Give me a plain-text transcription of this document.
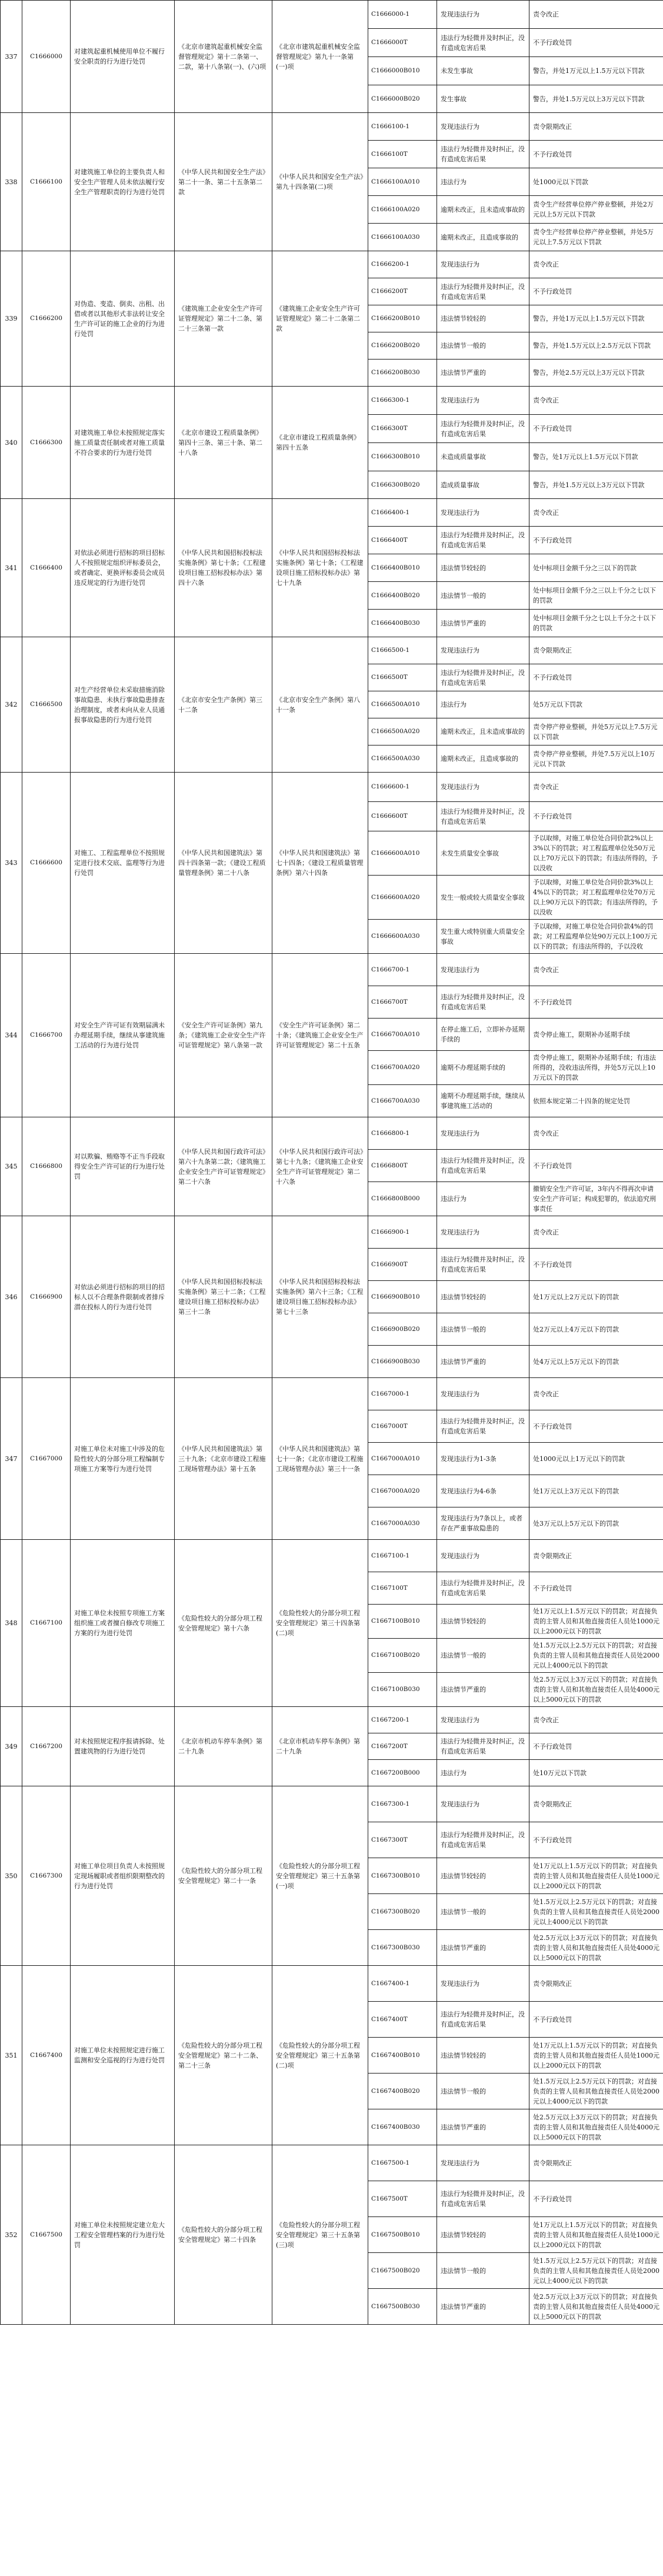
337	C1666000	对建筑起重机械使用单位不履行安全职责的行为进行处罚	《北京市建筑起重机械安全监督管理规定》第十二条第一、二款，第十八条第(一)、(六)项	《北京市建筑起重机械安全监督管理规定》第九十一条第(一)项	C1666000-1	发现违法行为	责令改正
					C1666000T	违法行为轻微并及时纠正，没有造成危害后果	不予行政处罚
					C1666000B010	未发生事故	警告，并处1万元以上1.5万元以下罚款
					C1666000B020	发生事故	警告，并处1.5万元以上3万元以下罚款
338	C1666100	对建筑施工单位的主要负责人和安全生产管理人员未依法履行安全生产管理职责的行为进行处罚	《中华人民共和国安全生产法》第二十一条、第二十五条第二款	《中华人民共和国安全生产法》第九十四条第(二)项	C1666100-1	发现违法行为	责令限期改正
					C1666100T	违法行为轻微并及时纠正，没有造成危害后果	不予行政处罚
					C1666100A010	违法行为	处1000元以下罚款
					C1666100A020	逾期未改正，且未造成事故的	责令生产经营单位停产停业整顿，并处2万元以上5万元以下罚款
					C1666100A030	逾期未改正，且造成事故的	责令生产经营单位停产停业整顿，并处5万元以上7.5万元以下罚款
339	C1666200	对伪造、变造、倒卖、出租、出借或者以其他形式非法转让安全生产许可证的施工企业的行为进行处罚	《建筑施工企业安全生产许可证管理规定》第二十二条、第二十三条第一款	《建筑施工企业安全生产许可证管理规定》第二十二条第二款	C1666200-1	发现违法行为	责令改正
					C1666200T	违法行为轻微并及时纠正，没有造成危害后果	不予行政处罚
					C1666200B010	违法情节较轻的	警告，并处1万元以上1.5万元以下罚款
					C1666200B020	违法情节一般的	警告，并处1.5万元以上2.5万元以下罚款
					C1666200B030	违法情节严重的	警告，并处2.5万元以上3万元以下罚款
340	C1666300	对建筑施工单位未按照规定落实施工质量责任制或者对施工质量不符合要求的行为进行处罚	《北京市建设工程质量条例》第四十三条、第三十条、第二十八条	《北京市建设工程质量条例》第四十五条	C1666300-1	发现违法行为	责令改正
					C1666300T	违法行为轻微并及时纠正，没有造成危害后果	不予行政处罚
					C1666300B010	未造成质量事故	警告，处1万元以上1.5万元以下罚款
					C1666300B020	造成质量事故	警告，并处1.5万元以上3万元以下罚款
341	C1666400	对依法必须进行招标的项目招标人不按照规定组织评标委员会，或者确定、更换评标委员会成员违反规定的行为进行处罚	《中华人民共和国招标投标法实施条例》第七十条；《工程建设项目施工招标投标办法》第四十六条	《中华人民共和国招标投标法实施条例》第七十条；《工程建设项目施工招标投标办法》第七十九条	C1666400-1	发现违法行为	责令改正
					C1666400T	违法行为轻微并及时纠正，没有造成危害后果	不予行政处罚
					C1666400B010	违法情节较轻的	处中标项目金额千分之三以下的罚款
					C1666400B020	违法情节一般的	处中标项目金额千分之三以上千分之七以下的罚款
					C1666400B030	违法情节严重的	处中标项目金额千分之七以上千分之十以下的罚款
342	C1666500	对生产经营单位未采取措施消除事故隐患、未执行事故隐患排查治理制度，或者未向从业人员通报事故隐患的行为进行处罚	《北京市安全生产条例》第三十二条	《北京市安全生产条例》第八十一条	C1666500-1	发现违法行为	责令限期改正
					C1666500T	违法行为轻微并及时纠正，没有造成危害后果	不予行政处罚
					C1666500A010	违法行为	处5万元以下罚款
					C1666500A020	逾期未改正，且未造成事故的	责令停产停业整顿，并处5万元以上7.5万元以下罚款
					C1666500A030	逾期未改正，且造成事故的	责令停产停业整顿，并处7.5万元以上10万元以下罚款
343	C1666600	对施工、工程监理单位不按照规定进行技术交底、监理等行为进行处罚	《中华人民共和国建筑法》第四十四条第一款；《建设工程质量管理条例》第二十八条	《中华人民共和国建筑法》第七十四条；《建设工程质量管理条例》第六十四条	C1666600-1	发现违法行为	责令改正
					C1666600T	违法行为轻微并及时纠正，没有造成危害后果	不予行政处罚
					C1666600A010	未发生质量安全事故	予以取缔，对施工单位处合同价款2%以上3%以下的罚款；对工程监理单位处50万元以上70万元以下的罚款；有违法所得的，予以没收
					C1666600A020	发生一般或较大质量安全事故	予以取缔，对施工单位处合同价款3%以上4%以下的罚款；对工程监理单位处70万元以上90万元以下的罚款；有违法所得的，予以没收
					C1666600A030	发生重大或特别重大质量安全事故	予以取缔，对施工单位处合同价款4%的罚款；对工程监理单位处90万元以上100万元以下的罚款；有违法所得的，予以没收
344	C1666700	对安全生产许可证有效期届满未办理延期手续，继续从事建筑施工活动的行为进行处罚	《安全生产许可证条例》第九条；《建筑施工企业安全生产许可证管理规定》第八条第一款	《安全生产许可证条例》第二十条；《建筑施工企业安全生产许可证管理规定》第二十五条	C1666700-1	发现违法行为	责令改正
					C1666700T	违法行为轻微并及时纠正，没有造成危害后果	不予行政处罚
					C1666700A010	在停止施工后，立即补办延期手续的	责令停止施工，限期补办延期手续
					C1666700A020	逾期不办理延期手续的	责令停止施工，限期补办延期手续；有违法所得的，没收违法所得，并处5万元以上10万元以下的罚款
					C1666700A030	逾期不办理延期手续，继续从事建筑施工活动的	依照本规定第二十四条的规定处罚
345	C1666800	对以欺骗、贿赂等不正当手段取得安全生产许可证的行为进行处罚	《中华人民共和国行政许可法》第六十九条第二款；《建筑施工企业安全生产许可证管理规定》第二十六条	《中华人民共和国行政许可法》第七十九条；《建筑施工企业安全生产许可证管理规定》第二十六条	C1666800-1	发现违法行为	责令改正
					C1666800T	违法行为轻微并及时纠正，没有造成危害后果	不予行政处罚
					C1666800B000	违法行为	撤销安全生产许可证，3年内不得再次申请安全生产许可证；构成犯罪的，依法追究刑事责任
346	C1666900	对依法必须进行招标的项目的招标人以不合理条件限制或者排斥潜在投标人的行为进行处罚	《中华人民共和国招标投标法实施条例》第三十二条；《工程建设项目施工招标投标办法》第三十二条	《中华人民共和国招标投标法实施条例》第六十三条；《工程建设项目施工招标投标办法》第七十三条	C1666900-1	发现违法行为	责令改正
					C1666900T	违法行为轻微并及时纠正，没有造成危害后果	不予行政处罚
					C1666900B010	违法情节较轻的	处1万元以上2万元以下的罚款
					C1666900B020	违法情节一般的	处2万元以上4万元以下的罚款
					C1666900B030	违法情节严重的	处4万元以上5万元以下的罚款
347	C1667000	对施工单位未对施工中涉及的危险性较大的分部分项工程编制专项施工方案等行为进行处罚	《中华人民共和国建筑法》第三十九条；《北京市建设工程施工现场管理办法》第十五条	《中华人民共和国建筑法》第七十一条；《北京市建设工程施工现场管理办法》第三十一条	C1667000-1	发现违法行为	责令改正
					C1667000T	违法行为轻微并及时纠正，没有造成危害后果	不予行政处罚
					C1667000A010	发现违法行为1-3条	处1000元以上1万元以下的罚款
					C1667000A020	发现违法行为4-6条	处1万元以上3万元以下的罚款
					C1667000A030	发现违法行为7条以上，或者存在严重事故隐患的	处3万元以上5万元以下的罚款
348	C1667100	对施工单位未按照专项施工方案组织施工或者擅自修改专项施工方案的行为进行处罚	《危险性较大的分部分项工程安全管理规定》第十六条	《危险性较大的分部分项工程安全管理规定》第三十四条第(二)项	C1667100-1	发现违法行为	责令限期改正
					C1667100T	违法行为轻微并及时纠正，没有造成危害后果	不予行政处罚
					C1667100B010	违法情节较轻的	处1万元以上1.5万元以下的罚款；对直接负责的主管人员和其他直接责任人员处1000元以上2000元以下的罚款
					C1667100B020	违法情节一般的	处1.5万元以上2.5万元以下的罚款；对直接负责的主管人员和其他直接责任人员处2000元以上4000元以下的罚款
					C1667100B030	违法情节严重的	处2.5万元以上3万元以下的罚款；对直接负责的主管人员和其他直接责任人员处4000元以上5000元以下的罚款
349	C1667200	对未按照规定程序报请拆除、处置建筑物的行为进行处罚	《北京市机动车停车条例》第二十九条	《北京市机动车停车条例》第二十九条	C1667200-1	发现违法行为	责令改正
					C1667200T	违法行为轻微并及时纠正，没有造成危害后果	不予行政处罚
					C1667200B000	违法行为	处10万元以下罚款
350	C1667300	对施工单位项目负责人未按照规定现场履职或者组织限期整改的行为进行处罚	《危险性较大的分部分项工程安全管理规定》第二十一条	《危险性较大的分部分项工程安全管理规定》第三十五条第(一)项	C1667300-1	发现违法行为	责令限期改正
					C1667300T	违法行为轻微并及时纠正，没有造成危害后果	不予行政处罚
					C1667300B010	违法情节较轻的	处1万元以上1.5万元以下的罚款；对直接负责的主管人员和其他直接责任人员处1000元以上2000元以下的罚款
					C1667300B020	违法情节一般的	处1.5万元以上2.5万元以下的罚款；对直接负责的主管人员和其他直接责任人员处2000元以上4000元以下的罚款
					C1667300B030	违法情节严重的	处2.5万元以上3万元以下的罚款；对直接负责的主管人员和其他直接责任人员处4000元以上5000元以下的罚款
351	C1667400	对施工单位未按照规定进行施工监测和安全巡视的行为进行处罚	《危险性较大的分部分项工程安全管理规定》第二十二条、第二十三条	《危险性较大的分部分项工程安全管理规定》第三十五条第(二)项	C1667400-1	发现违法行为	责令限期改正
					C1667400T	违法行为轻微并及时纠正，没有造成危害后果	不予行政处罚
					C1667400B010	违法情节较轻的	处1万元以上1.5万元以下的罚款；对直接负责的主管人员和其他直接责任人员处1000元以上2000元以下的罚款
					C1667400B020	违法情节一般的	处1.5万元以上2.5万元以下的罚款；对直接负责的主管人员和其他直接责任人员处2000元以上4000元以下的罚款
					C1667400B030	违法情节严重的	处2.5万元以上3万元以下的罚款；对直接负责的主管人员和其他直接责任人员处4000元以上5000元以下的罚款
352	C1667500	对施工单位未按照规定建立危大工程安全管理档案的行为进行处罚	《危险性较大的分部分项工程安全管理规定》第二十四条	《危险性较大的分部分项工程安全管理规定》第三十五条第(三)项	C1667500-1	发现违法行为	责令限期改正
					C1667500T	违法行为轻微并及时纠正，没有造成危害后果	不予行政处罚
					C1667500B010	违法情节较轻的	处1万元以上1.5万元以下的罚款；对直接负责的主管人员和其他直接责任人员处1000元以上2000元以下的罚款
					C1667500B020	违法情节一般的	处1.5万元以上2.5万元以下的罚款；对直接负责的主管人员和其他直接责任人员处2000元以上4000元以下的罚款
					C1667500B030	违法情节严重的	处2.5万元以上3万元以下的罚款；对直接负责的主管人员和其他直接责任人员处4000元以上5000元以下的罚款
